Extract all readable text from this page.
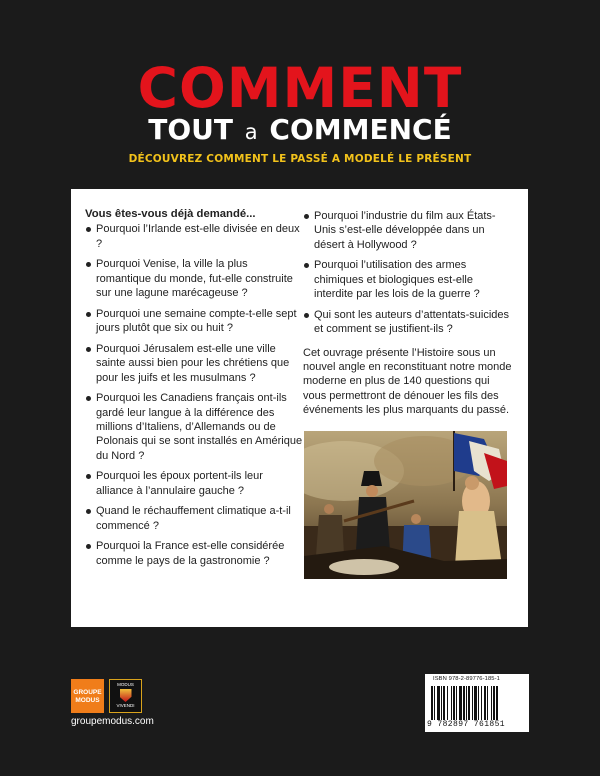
COMMENT
TOUT a COMMENCÉ
DÉCOUVREZ COMMENT LE PASSÉ A MODELÉ LE PRÉSENT
Vous êtes-vous déjà demandé...
Pourquoi l’Irlande est-elle divisée en deux ?
Pourquoi Venise, la ville la plus romantique du monde, fut-elle construite sur une lagune marécageuse ?
Pourquoi une semaine compte-t-elle sept jours plutôt que six ou huit ?
Pourquoi Jérusalem est-elle une ville sainte aussi bien pour les chrétiens que pour les juifs et les musulmans ?
Pourquoi les Canadiens français ont-ils gardé leur langue à la différence des millions d’Italiens, d’Allemands ou de Polonais qui se sont installés en Amérique du Nord ?
Pourquoi les époux portent-ils leur alliance à l’annulaire gauche ?
Quand le réchauffement climatique a-t-il commencé ?
Pourquoi la France est-elle considérée comme le pays de la gastronomie ?
Pourquoi l’industrie du film aux États-Unis s’est-elle développée dans un désert à Hollywood ?
Pourquoi l’utilisation des armes chimiques et biologiques est-elle interdite par les lois de la guerre ?
Qui sont les auteurs d’attentats-suicides et comment se justifient-ils ?
Cet ouvrage présente l’Histoire sous un nouvel angle en reconstituant notre monde moderne en plus de 140 questions qui vous permettront de dénouer les fils des événements les plus marquants du passé.
GROUPE
MODUS
MODUS
VIVENDI
groupemodus.com
ISBN 978-2-89776-185-1
9 782897 761851
